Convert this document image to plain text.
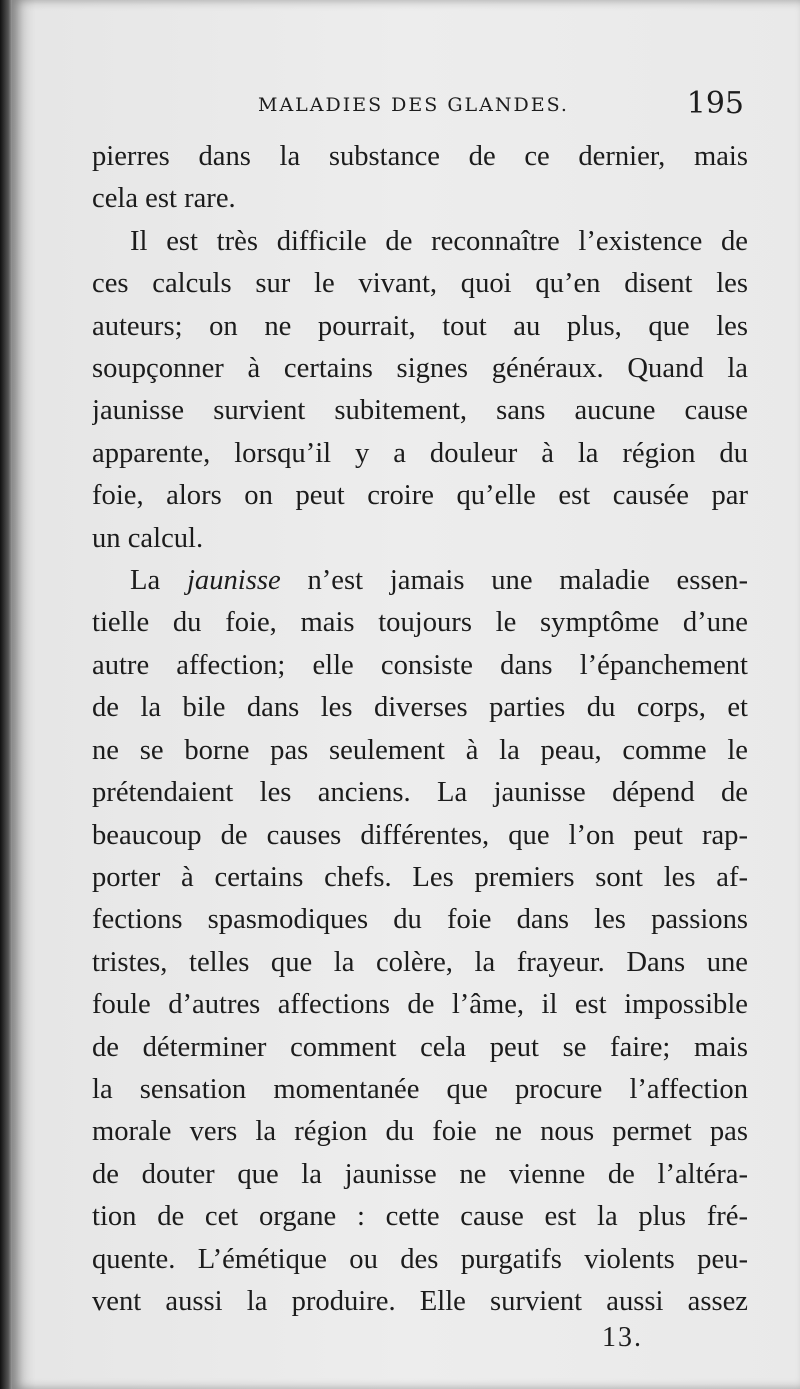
MALADIES DES GLANDES.	195
pierres dans la substance de ce dernier, mais
cela est rare.
Il est très difficile de reconnaître l’existence de
ces calculs sur le vivant, quoi qu’en disent les
auteurs; on ne pourrait, tout au plus, que les
soupçonner à certains signes généraux. Quand la
jaunisse survient subitement, sans aucune cause
apparente, lorsqu’il y a douleur à la région du
foie, alors on peut croire qu’elle est causée par
un calcul.
La jaunisse n’est jamais une maladie essen-
tielle du foie, mais toujours le symptôme d’une
autre affection; elle consiste dans l’épanchement
de la bile dans les diverses parties du corps, et
ne se borne pas seulement à la peau, comme le
prétendaient les anciens. La jaunisse dépend de
beaucoup de causes différentes, que l’on peut rap-
porter à certains chefs. Les premiers sont les af-
fections spasmodiques du foie dans les passions
tristes, telles que la colère, la frayeur. Dans une
foule d’autres affections de l’âme, il est impossible
de déterminer comment cela peut se faire; mais
la sensation momentanée que procure l’affection
morale vers la région du foie ne nous permet pas
de douter que la jaunisse ne vienne de l’altéra-
tion de cet organe : cette cause est la plus fré-
quente. L’émétique ou des purgatifs violents peu-
vent aussi la produire. Elle survient aussi assez
13.
